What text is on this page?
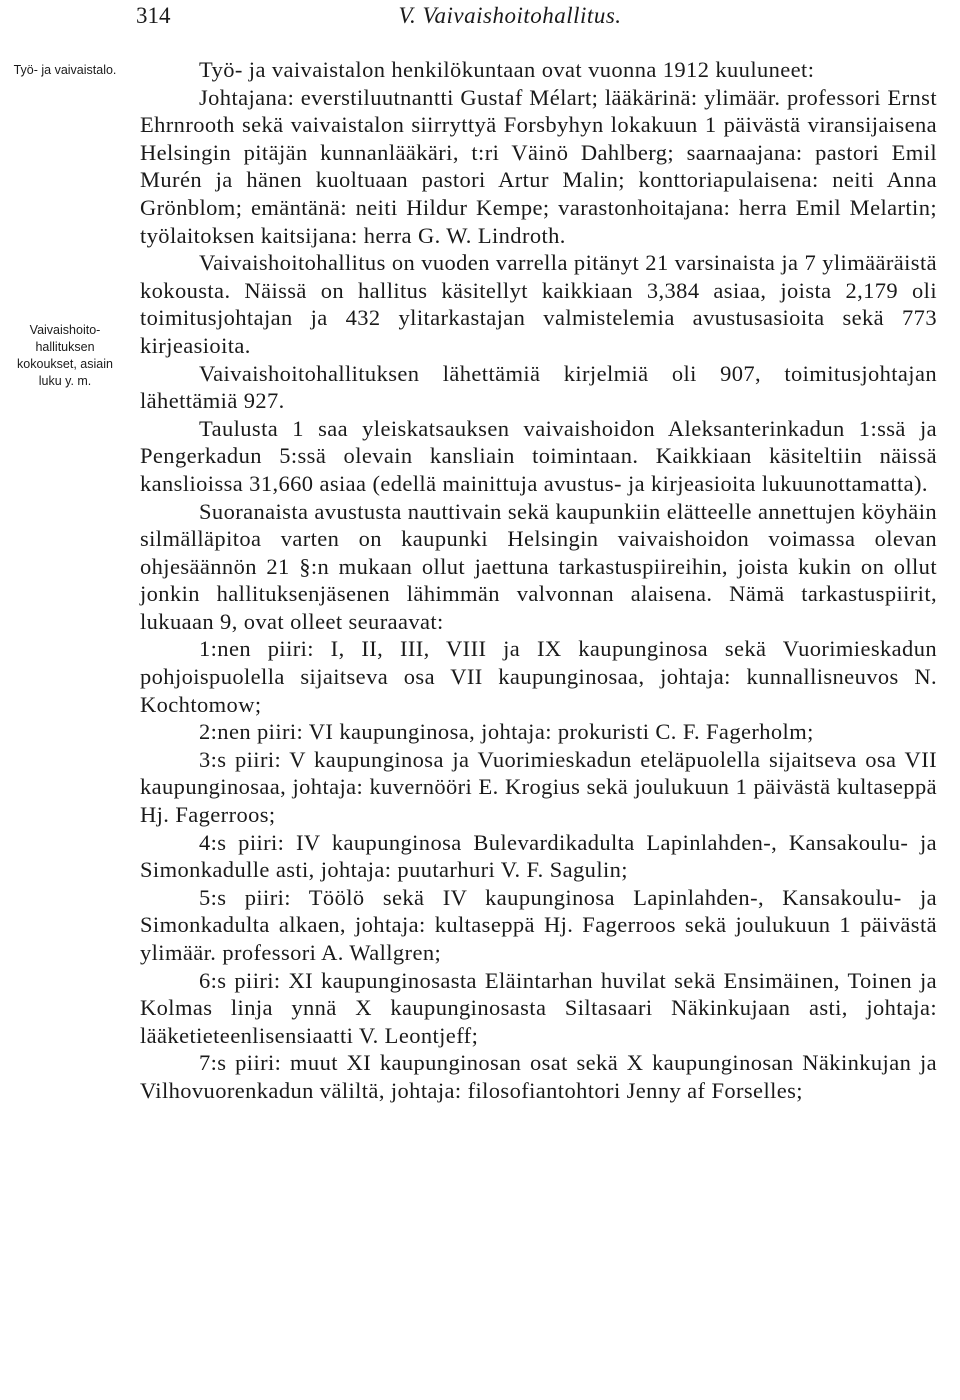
314	V. Vaivaishoitohallitus.
Työ- ja vaivaistalo.
Vaivaishoitohallituksen kokoukset, asiain luku y. m.

Työ- ja vaivaistalon henkilökuntaan ovat vuonna 1912 kuuluneet:

Johtajana: everstiluutnantti Gustaf Mélart; lääkärinä: ylimäär. professori Ernst Ehrnrooth sekä vaivaistalon siirryttyä Forsbyhyn lokakuun 1 päivästä viransijaisena Helsingin pitäjän kunnanlääkäri, t:ri Väinö Dahlberg; saarnaajana: pastori Emil Murén ja hänen kuoltuaan pastori Artur Malin; konttoriapulaisena: neiti Anna Grönblom; emäntänä: neiti Hildur Kempe; varastonhoitajana: herra Emil Melartin; työlaitoksen kaitsijana: herra G. W. Lindroth.

Vaivaishoitohallitus on vuoden varrella pitänyt 21 varsinaista ja 7 ylimääräistä kokousta. Näissä on hallitus käsitellyt kaikkiaan 3,384 asiaa, joista 2,179 oli toimitusjohtajan ja 432 ylitarkastajan valmistelemia avustusasioita sekä 773 kirjeasioita.

Vaivaishoitohallituksen lähettämiä kirjelmiä oli 907, toimitusjohtajan lähettämiä 927.

Taulusta 1 saa yleiskatsauksen vaivaishoidon Aleksanterinkadun 1:ssä ja Pengerkadun 5:ssä olevain kansliain toimintaan. Kaikkiaan käsiteltiin näissä kanslioissa 31,660 asiaa (edellä mainittuja avustus- ja kirjeasioita lukuunottamatta).

Suoranaista avustusta nauttivain sekä kaupunkiin elätteelle annettujen köyhäin silmälläpitoa varten on kaupunki Helsingin vaivaishoidon voimassa olevan ohjesäännön 21 §:n mukaan ollut jaettuna tarkastuspiireihin, joista kukin on ollut jonkin hallituksenjäsenen lähimmän valvonnan alaisena. Nämä tarkastuspiirit, lukuaan 9, ovat olleet seuraavat:

1:nen piiri: I, II, III, VIII ja IX kaupunginosa sekä Vuorimieskadun pohjoispuolella sijaitseva osa VII kaupunginosaa, johtaja: kunnallisneuvos N. Kochtomow;

2:nen piiri: VI kaupunginosa, johtaja: prokuristi C. F. Fagerholm;

3:s piiri: V kaupunginosa ja Vuorimieskadun eteläpuolella sijaitseva osa VII kaupunginosaa, johtaja: kuvernööri E. Krogius sekä joulukuun 1 päivästä kultaseppä Hj. Fagerroos;

4:s piiri: IV kaupunginosa Bulevardikadulta Lapinlahden-, Kansakoulu- ja Simonkadulle asti, johtaja: puutarhuri V. F. Sagulin;

5:s piiri: Töölö sekä IV kaupunginosa Lapinlahden-, Kansakoulu- ja Simonkadulta alkaen, johtaja: kultaseppä Hj. Fagerroos sekä joulukuun 1 päivästä ylimäär. professori A. Wallgren;

6:s piiri: XI kaupunginosasta Eläintarhan huvilat sekä Ensimäinen, Toinen ja Kolmas linja ynnä X kaupunginosasta Siltasaari Näkinkujaan asti, johtaja: lääketieteenlisensiaatti V. Leontjeff;

7:s piiri: muut XI kaupunginosan osat sekä X kaupunginosan Näkinkujan ja Vilhovuorenkadun väliltä, johtaja: filosofiantohtori Jenny af Forselles;
